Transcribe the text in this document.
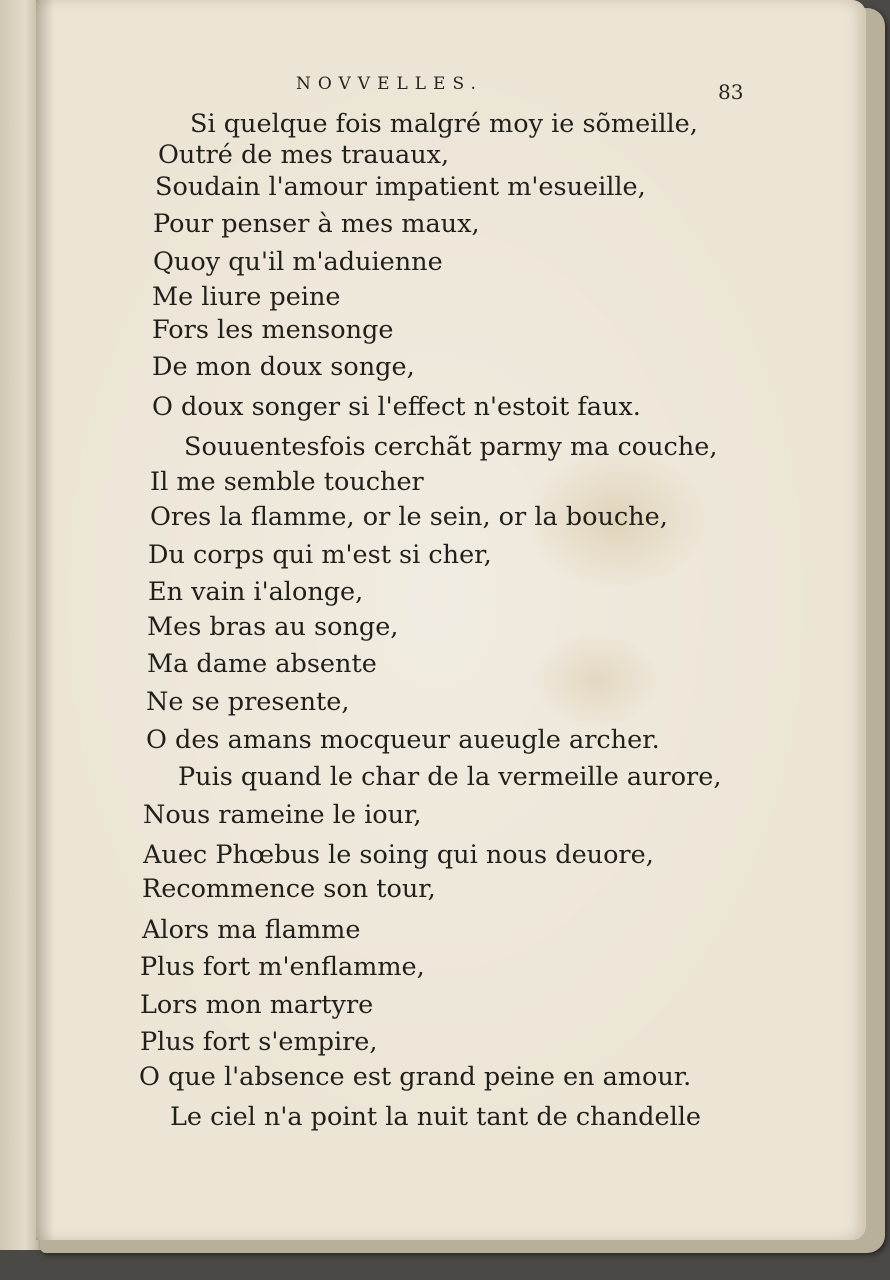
NOVVELLES.	83

Si quelque fois malgré moy ie sõmeille,

Outré de mes trauaux,

Soudain l'amour impatient m'esueille,

Pour penser à mes maux,

Quoy qu'il m'aduienne

Me liure peine

Fors les mensonge

De mon doux songe,

O doux songer si l'effect n'estoit faux.

Souuentesfois cerchãt parmy ma couche,

Il me semble toucher

Ores la flamme, or le sein, or la bouche,

Du corps qui m'est si cher,

En vain i'alonge,

Mes bras au songe,

Ma dame absente

Ne se presente,

O des amans mocqueur aueugle archer.

Puis quand le char de la vermeille aurore,

Nous rameine le iour,

Auec Phœbus le soing qui nous deuore,

Recommence son tour,

Alors ma flamme

Plus fort m'enflamme,

Lors mon martyre

Plus fort s'empire,

O que l'absence est grand peine en amour.

Le ciel n'a point la nuit tant de chandelle
